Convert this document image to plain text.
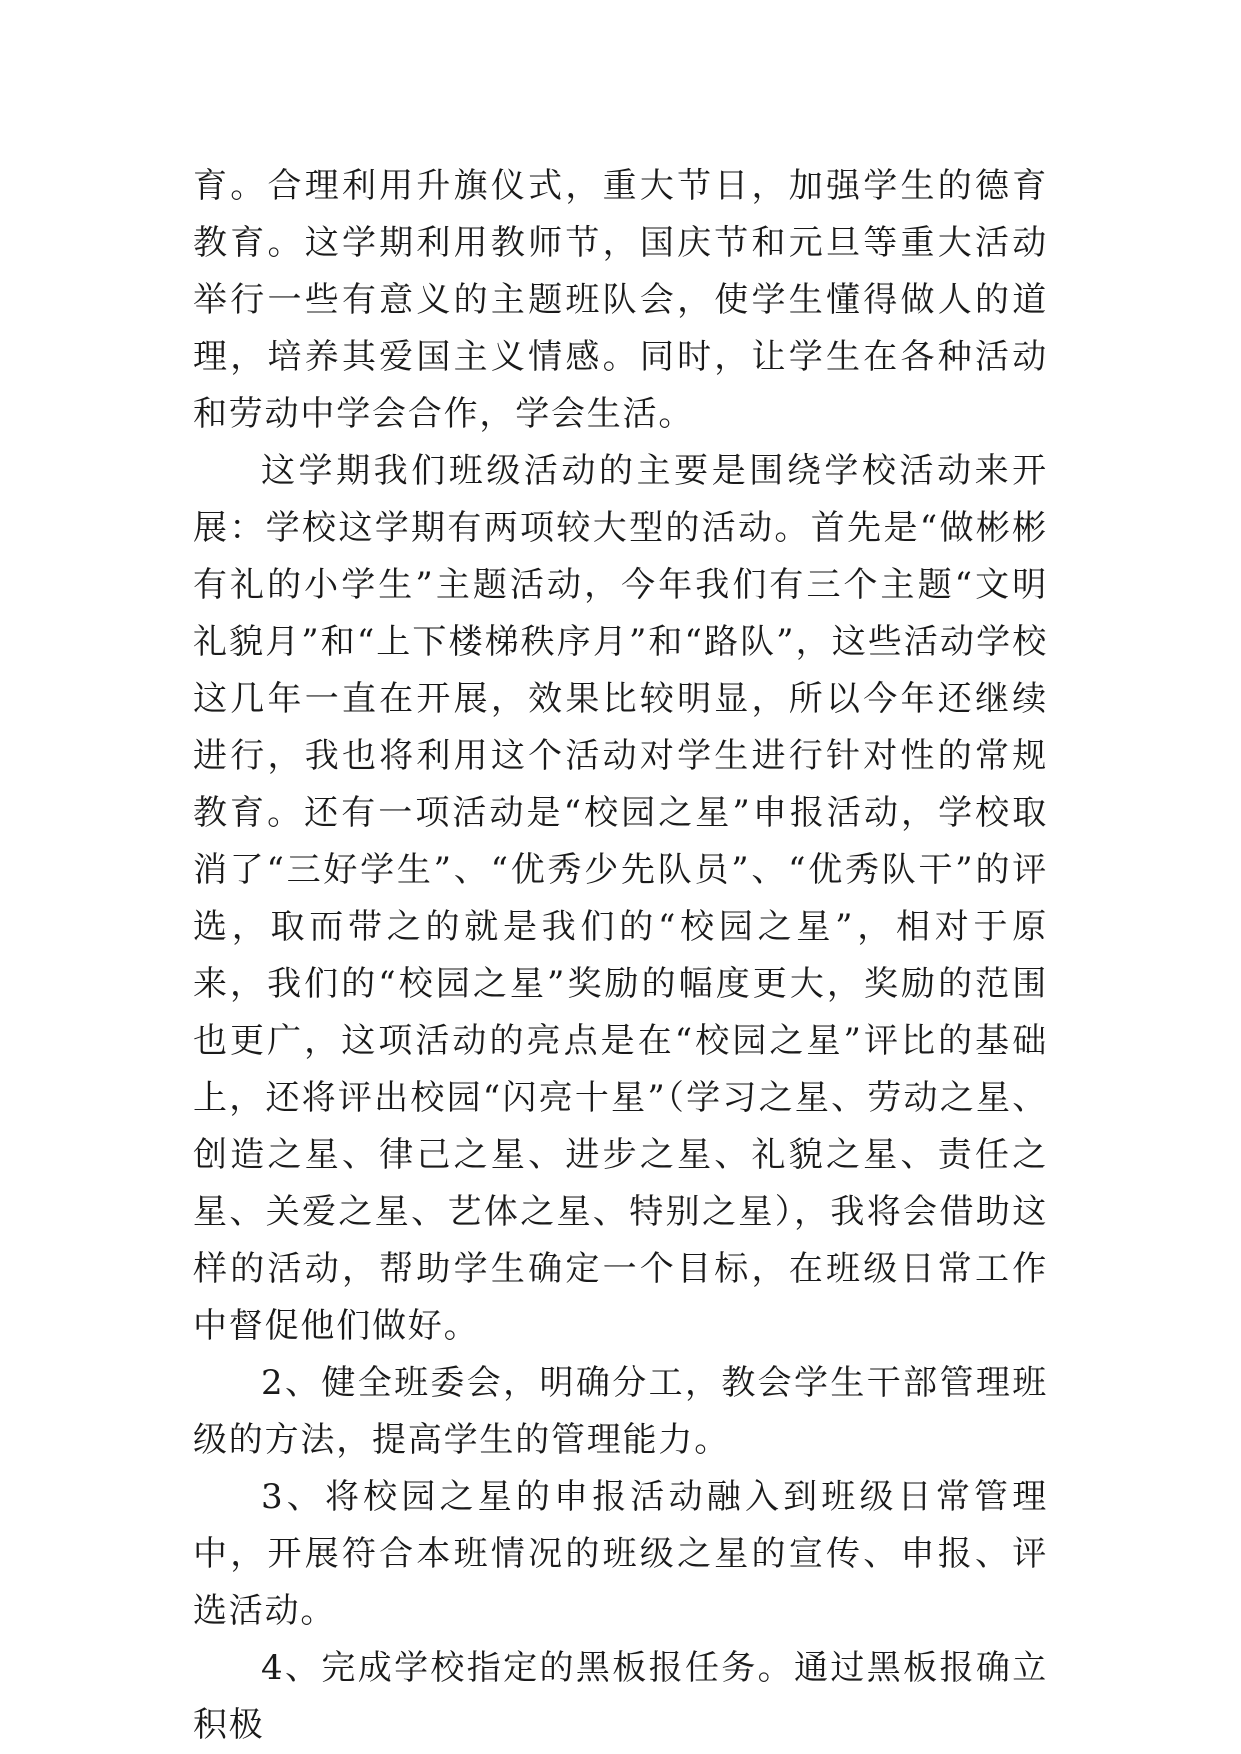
育。合理利用升旗仪式，重大节日，加强学生的德育教育。这学期利用教师节，国庆节和元旦等重大活动举行一些有意义的主题班队会，使学生懂得做人的道理，培养其爱国主义情感。同时，让学生在各种活动和劳动中学会合作，学会生活。

这学期我们班级活动的主要是围绕学校活动来开展：学校这学期有两项较大型的活动。首先是“做彬彬有礼的小学生”主题活动，今年我们有三个主题“文明礼貌月”和“上下楼梯秩序月”和“路队”，这些活动学校这几年一直在开展，效果比较明显，所以今年还继续进行，我也将利用这个活动对学生进行针对性的常规教育。还有一项活动是“校园之星”申报活动，学校取消了“三好学生”、“优秀少先队员”、“优秀队干”的评选，取而带之的就是我们的“校园之星”，相对于原来，我们的“校园之星”奖励的幅度更大，奖励的范围也更广，这项活动的亮点是在“校园之星”评比的基础上，还将评出校园“闪亮十星”（学习之星、劳动之星、创造之星、律己之星、进步之星、礼貌之星、责任之星、关爱之星、艺体之星、特别之星），我将会借助这样的活动，帮助学生确定一个目标，在班级日常工作中督促他们做好。

2、健全班委会，明确分工，教会学生干部管理班级的方法，提高学生的管理能力。

3、将校园之星的申报活动融入到班级日常管理中，开展符合本班情况的班级之星的宣传、申报、评选活动。

4、完成学校指定的黑板报任务。通过黑板报确立积极
